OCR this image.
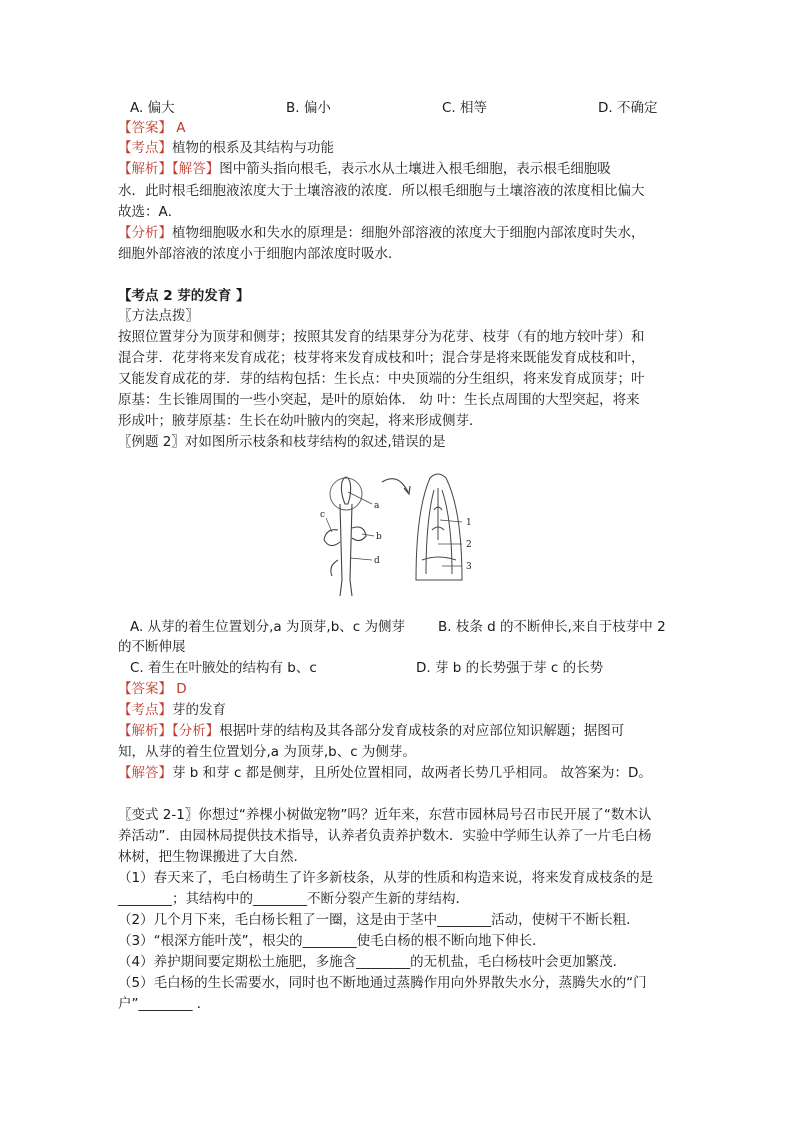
A. 偏大	B. 偏小	C. 相等	D. 不确定
【答案】 A
【考点】植物的根系及其结构与功能
【解析】【解答】图中箭头指向根毛，表示水从土壤进入根毛细胞，表示根毛细胞吸
水．此时根毛细胞液浓度大于土壤溶液的浓度．所以根毛细胞与土壤溶液的浓度相比偏大
故选：A．
【分析】植物细胞吸水和失水的原理是：细胞外部溶液的浓度大于细胞内部浓度时失水，
细胞外部溶液的浓度小于细胞内部浓度时吸水．
【考点 2 芽的发育 】
〖方法点拨〗
按照位置芽分为顶芽和侧芽；按照其发育的结果芽分为花芽、枝芽（有的地方较叶芽）和
混合芽．花芽将来发育成花；枝芽将来发育成枝和叶；混合芽是将来既能发育成枝和叶，
又能发育成花的芽．芽的结构包括：生长点：中央顶端的分生组织，将来发育成顶芽；叶
原基：生长锥周围的一些小突起，是叶的原始体． 幼 叶：生长点周围的大型突起，将来
形成叶；腋芽原基：生长在幼叶腋内的突起，将来形成侧芽．
〖例题 2〗对如图所示枝条和枝芽结构的叙述,错误的是
a
b
c
d
1
2
3
A. 从芽的着生位置划分,a 为顶芽,b、c 为侧芽 B. 枝条 d 的不断伸长,来自于枝芽中 2
的不断伸展
C. 着生在叶腋处的结构有 b、c	D. 芽 b 的长势强于芽 c 的长势
【答案】 D
【考点】芽的发育
【解析】【分析】根据叶芽的结构及其各部分发育成枝条的对应部位知识解题；据图可
知，从芽的着生位置划分,a 为顶芽,b、c 为侧芽。
【解答】芽 b 和芽 c 都是侧芽，且所处位置相同，故两者长势几乎相同。 故答案为：D。
〖变式 2-1〗你想过“养棵小树做宠物”吗？近年来，东营市园林局号召市民开展了“数木认
养活动”．由园林局提供技术指导，认养者负责养护数木．实验中学师生认养了一片毛白杨
林树，把生物课搬进了大自然．
（1）春天来了，毛白杨萌生了许多新枝条，从芽的性质和构造来说，将来发育成枝条的是
________；其结构中的________不断分裂产生新的芽结构．
（2）几个月下来，毛白杨长粗了一圈，这是由于茎中________活动，使树干不断长粗．
（3）“根深方能叶茂”，根尖的________使毛白杨的根不断向地下伸长．
（4）养护期间要定期松土施肥，多施含________的无机盐，毛白杨枝叶会更加繁茂．
（5）毛白杨的生长需要水，同时也不断地通过蒸腾作用向外界散失水分，蒸腾失水的“门
户”________ ．
